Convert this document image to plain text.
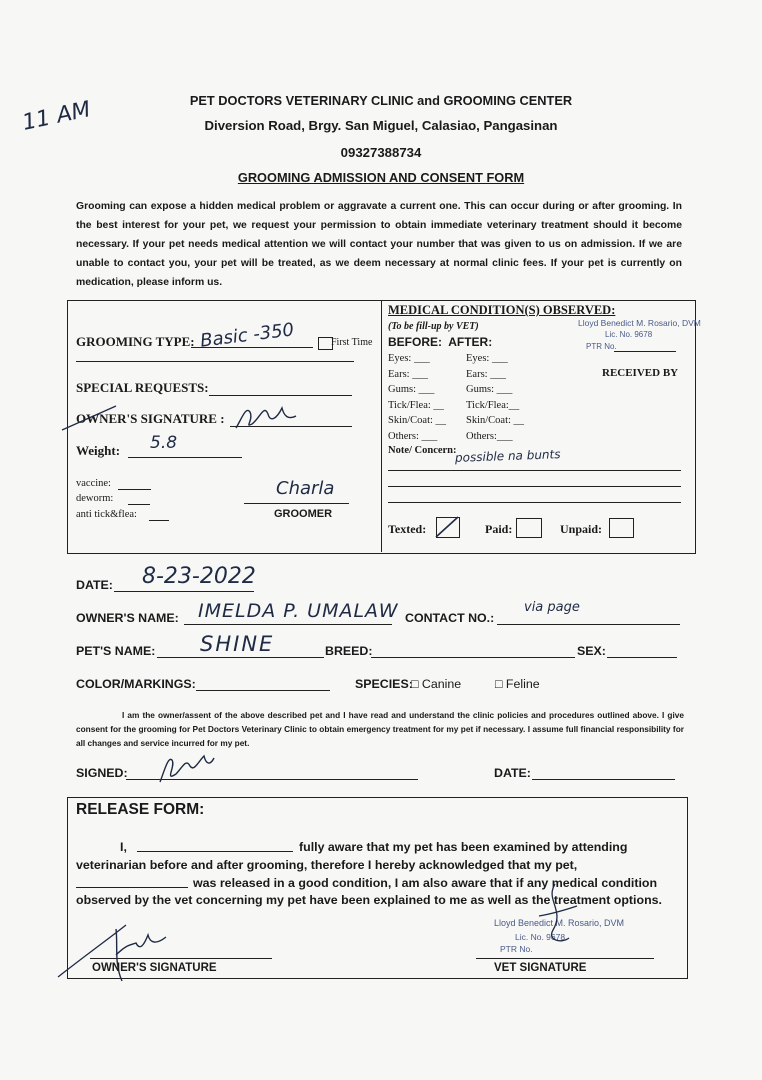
11 AM	PET DOCTORS VETERINARY CLINIC and GROOMING CENTER
Diversion Road, Brgy. San Miguel, Calasiao, Pangasinan
09327388734
GROOMING ADMISSION AND CONSENT FORM
Grooming can expose a hidden medical problem or aggravate a current one. This can occur during or after grooming. In the best interest for your pet, we request your permission to obtain immediate veterinary treatment should it become necessary. If your pet needs medical attention we will contact your number that was given to us on admission. If we are unable to contact you, your pet will be treated, as we deem necessary at normal clinic fees. If your pet is currently on medication, please inform us.
GROOMING TYPE: Basic -350	First Time
SPECIAL REQUESTS:
OWNER'S SIGNATURE :
Weight: 5.8
vaccine:
deworm:
anti tick&flea:
Charla
GROOMER
MEDICAL CONDITION(S) OBSERVED:
(To be fill-up by VET)
BEFORE:  AFTER:
Lloyd Benedict M. Rosario, DVM
Lic. No. 9678
PTR No.
RECEIVED BY
Eyes: ___	Eyes: ___
Ears: ___	Ears: ___
Gums: ___	Gums: ___
Tick/Flea: __ Tick/Flea:__
Skin/Coat: __ Skin/Coat: __
Others: ___	Others:___
Note/ Concern:
possible na bunts
Texted:	Paid:	Unpaid:
DATE: 8-23-2022
OWNER'S NAME: IMELDA P. UMALAW CONTACT NO.:
via page
PET'S NAME: SHINE	BREED:	SEX:
COLOR/MARKINGS:	SPECIES:
□ Canine	□ Feline
I am the owner/assent of the above described pet and I have read and understand the clinic policies and procedures outlined above. I give consent for the grooming for Pet Doctors Veterinary Clinic to obtain emergency treatment for my pet if necessary. I assume full financial responsibility for all changes and service incurred for my pet.
SIGNED:	DATE:
RELEASE FORM:
I,	fully aware that my pet has been examined by attending
veterinarian before and after grooming, therefore I hereby acknowledged that my pet,
was released in a good condition, I am also aware that if any medical condition
observed by the vet concerning my pet have been explained to me as well as the treatment options.
OWNER'S SIGNATURE
Lloyd Benedict M. Rosario, DVM
Lic. No. 9678
PTR No.
VET SIGNATURE
